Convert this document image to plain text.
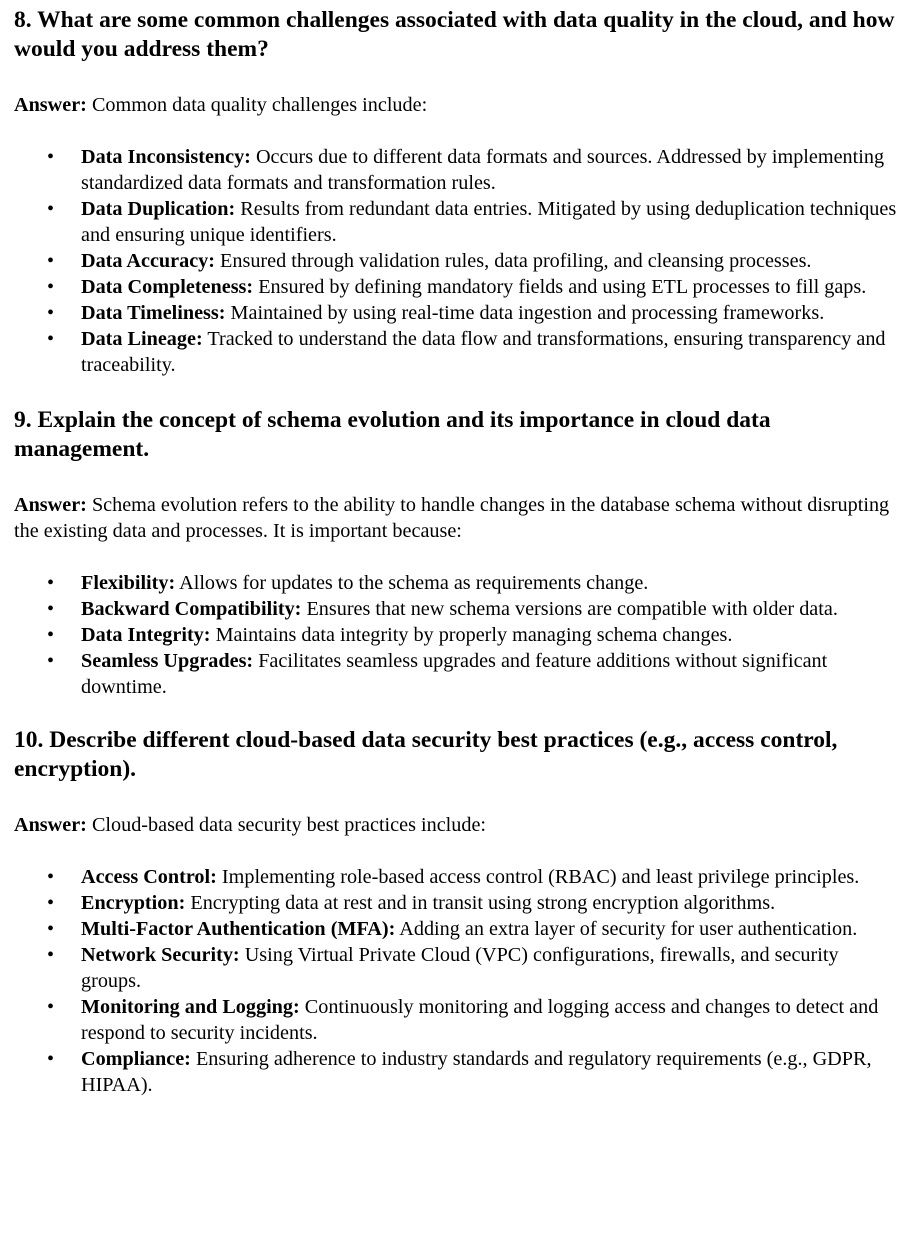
8. What are some common challenges associated with data quality in the cloud, and how would you address them?

Answer: Common data quality challenges include:

• Data Inconsistency: Occurs due to different data formats and sources. Addressed by implementing standardized data formats and transformation rules.
• Data Duplication: Results from redundant data entries. Mitigated by using deduplication techniques and ensuring unique identifiers.
• Data Accuracy: Ensured through validation rules, data profiling, and cleansing processes.
• Data Completeness: Ensured by defining mandatory fields and using ETL processes to fill gaps.
• Data Timeliness: Maintained by using real-time data ingestion and processing frameworks.
• Data Lineage: Tracked to understand the data flow and transformations, ensuring transparency and traceability.
9. Explain the concept of schema evolution and its importance in cloud data management.

Answer: Schema evolution refers to the ability to handle changes in the database schema without disrupting the existing data and processes. It is important because:

• Flexibility: Allows for updates to the schema as requirements change.
• Backward Compatibility: Ensures that new schema versions are compatible with older data.
• Data Integrity: Maintains data integrity by properly managing schema changes.
• Seamless Upgrades: Facilitates seamless upgrades and feature additions without significant downtime.
10. Describe different cloud-based data security best practices (e.g., access control, encryption).

Answer: Cloud-based data security best practices include:

• Access Control: Implementing role-based access control (RBAC) and least privilege principles.
• Encryption: Encrypting data at rest and in transit using strong encryption algorithms.
• Multi-Factor Authentication (MFA): Adding an extra layer of security for user authentication.
• Network Security: Using Virtual Private Cloud (VPC) configurations, firewalls, and security groups.
• Monitoring and Logging: Continuously monitoring and logging access and changes to detect and respond to security incidents.
• Compliance: Ensuring adherence to industry standards and regulatory requirements (e.g., GDPR, HIPAA).
